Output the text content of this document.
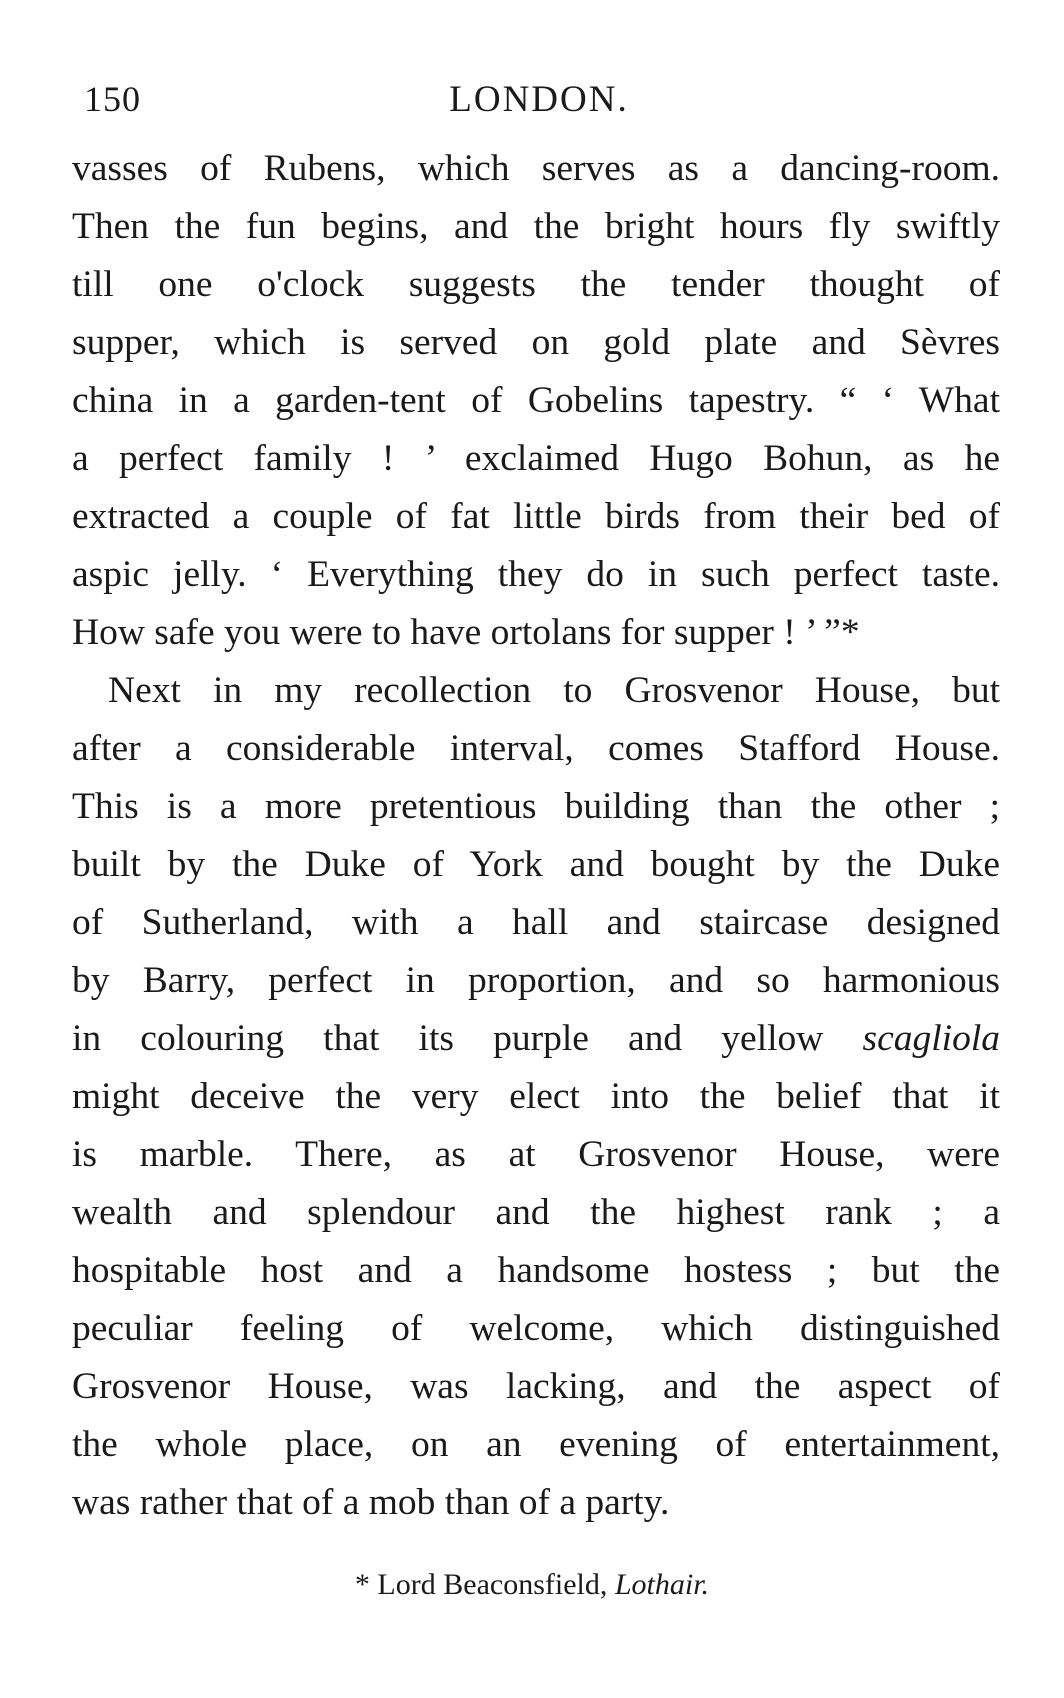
150	LONDON.
vasses of Rubens, which serves as a dancing-room.
Then the fun begins, and the bright hours fly swiftly
till one o'clock suggests the tender thought of
supper, which is served on gold plate and Sèvres
china in a garden-tent of Gobelins tapestry. “ ‘ What
a perfect family ! ’ exclaimed Hugo Bohun, as he
extracted a couple of fat little birds from their bed of
aspic jelly. ‘ Everything they do in such perfect taste.
How safe you were to have ortolans for supper ! ’ ”*
Next in my recollection to Grosvenor House, but
after a considerable interval, comes Stafford House.
This is a more pretentious building than the other ;
built by the Duke of York and bought by the Duke
of Sutherland, with a hall and staircase designed
by Barry, perfect in proportion, and so harmonious
in colouring that its purple and yellow scagliola
might deceive the very elect into the belief that it
is marble. There, as at Grosvenor House, were
wealth and splendour and the highest rank ; a
hospitable host and a handsome hostess ; but the
peculiar feeling of welcome, which distinguished
Grosvenor House, was lacking, and the aspect of
the whole place, on an evening of entertainment,
was rather that of a mob than of a party.
* Lord Beaconsfield, Lothair.
